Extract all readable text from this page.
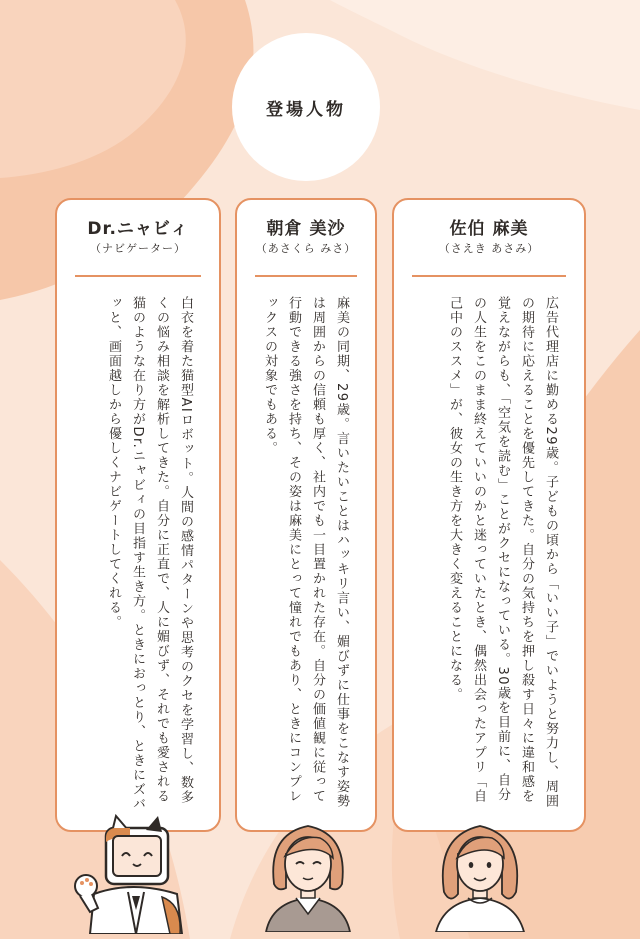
登場人物
Dr.ニャビィ
（ナビゲーター）
白衣を着た猫型AIロボット。人間の感情パターンや思考のクセを学習し、数多くの悩み相談を解析してきた。自分に正直で、人に媚びず、それでも愛される猫のような在り方がDr.ニャビィの目指す生き方。ときにおっとり、ときにズバッと、画面越しから優しくナビゲートしてくれる。
朝倉 美沙
（あさくら みさ）
麻美の同期、29歳。言いたいことはハッキリ言い、媚びずに仕事をこなす姿勢は周囲からの信頼も厚く、社内でも一目置かれた存在。自分の価値観に従って行動できる強さを持ち、その姿は麻美にとって憧れでもあり、ときにコンプレックスの対象でもある。
佐伯 麻美
（さえき あさみ）
広告代理店に勤める29歳。子どもの頃から「いい子」でいようと努力し、周囲の期待に応えることを優先してきた。自分の気持ちを押し殺す日々に違和感を覚えながらも、「空気を読む」ことがクセになっている。30歳を目前に、自分の人生をこのまま終えていいのかと迷っていたとき、偶然出会ったアプリ「自己中のススメ」が、彼女の生き方を大きく変えることになる。
